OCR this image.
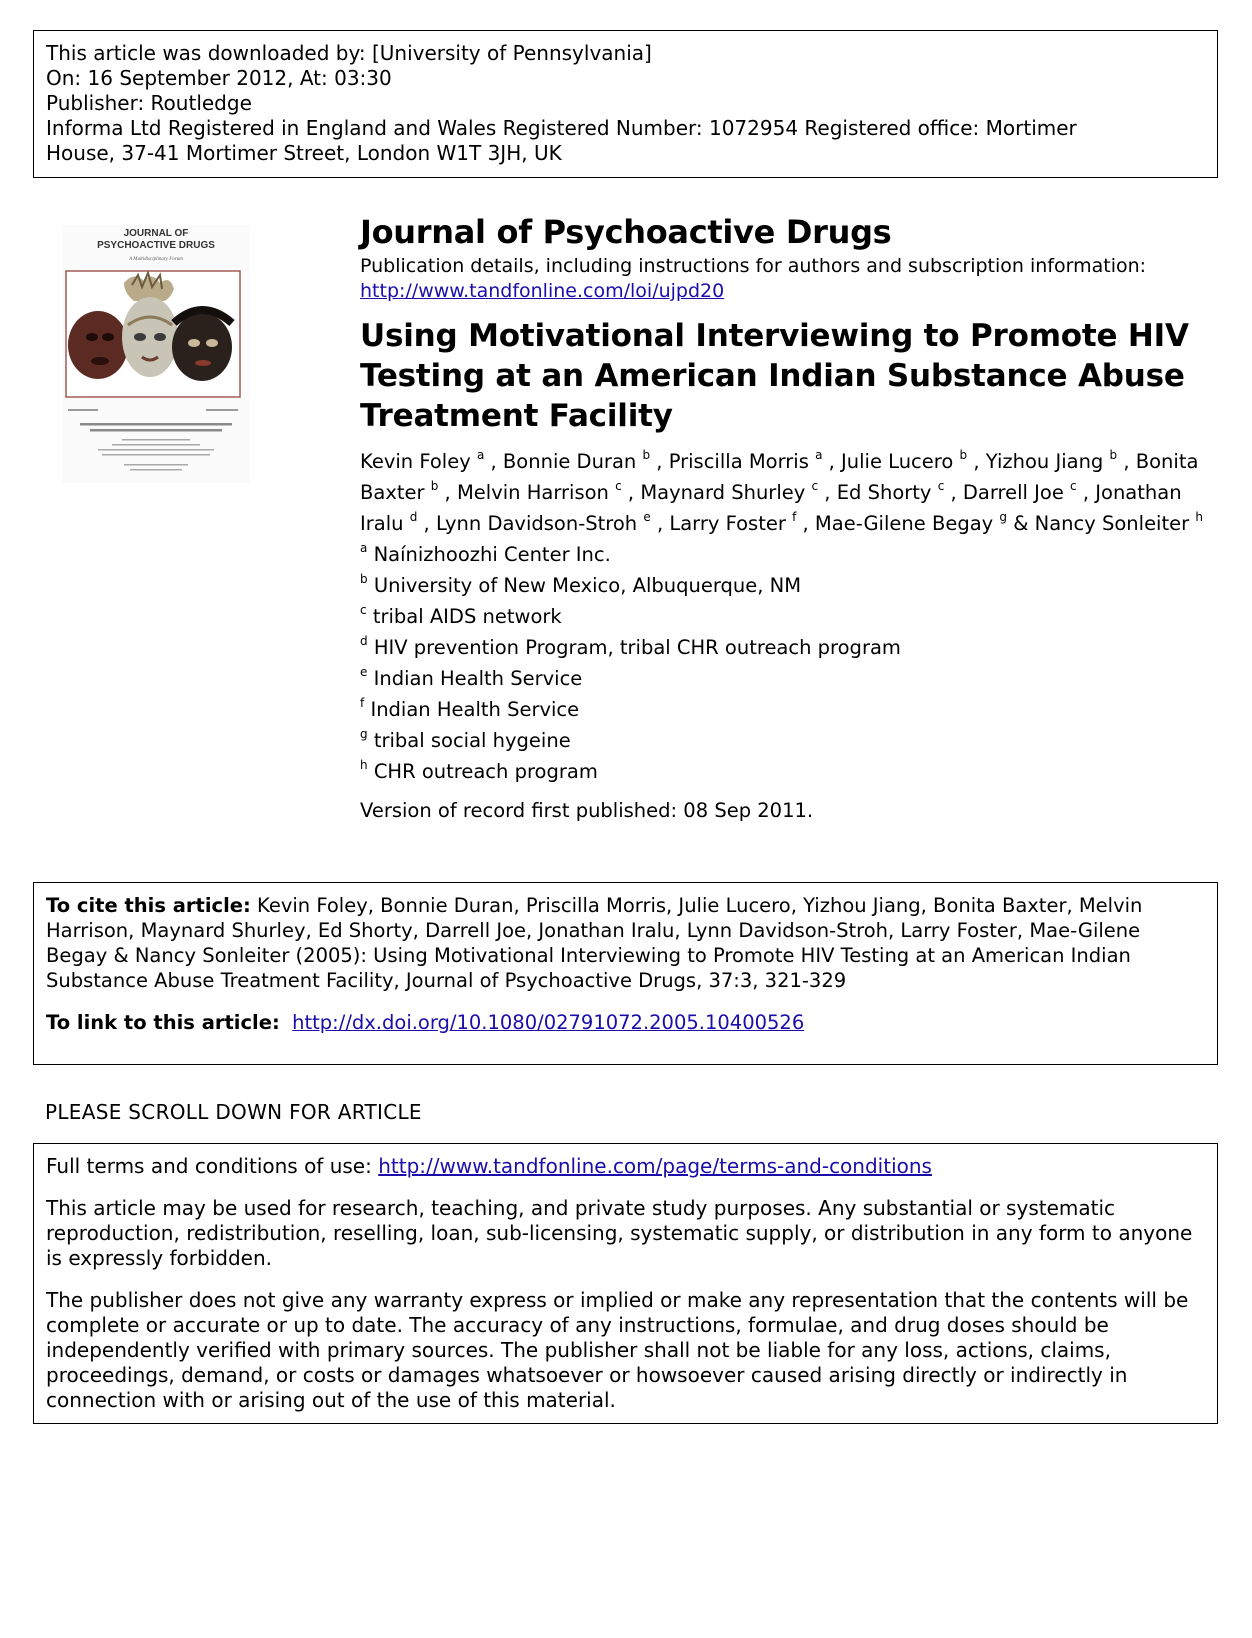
This article was downloaded by: [University of Pennsylvania]
On: 16 September 2012, At: 03:30
Publisher: Routledge
Informa Ltd Registered in England and Wales Registered Number: 1072954 Registered office: Mortimer
House, 37-41 Mortimer Street, London W1T 3JH, UK
JOURNAL OF
PSYCHOACTIVE DRUGS
A Multidisciplinary Forum
Journal of Psychoactive Drugs
Publication details, including instructions for authors and subscription information:
http://www.tandfonline.com/loi/ujpd20
Using Motivational Interviewing to Promote HIV Testing at an American Indian Substance Abuse Treatment Facility
Kevin Foley $^a$ , Bonnie Duran $^b$ , Priscilla Morris $^a$ , Julie Lucero $^b$ , Yizhou Jiang $^b$ , Bonita Baxter $^b$ , Melvin Harrison $^c$ , Maynard Shurley $^c$ , Ed Shorty $^c$ , Darrell Joe $^c$ , Jonathan Iralu $^d$ , Lynn Davidson-Stroh $^e$ , Larry Foster $^f$ , Mae-Gilene Begay $^g$ & Nancy Sonleiter $^h$
$^a$ Naínizhoozhi Center Inc.
$^b$ University of New Mexico, Albuquerque, NM
$^c$ tribal AIDS network
$^d$ HIV prevention Program, tribal CHR outreach program
$^e$ Indian Health Service
$^f$ Indian Health Service
$^g$ tribal social hygeine
$^h$ CHR outreach program
Version of record first published: 08 Sep 2011.
To cite this article: Kevin Foley, Bonnie Duran, Priscilla Morris, Julie Lucero, Yizhou Jiang, Bonita Baxter, Melvin Harrison, Maynard Shurley, Ed Shorty, Darrell Joe, Jonathan Iralu, Lynn Davidson-Stroh, Larry Foster, Mae-Gilene Begay & Nancy Sonleiter (2005): Using Motivational Interviewing to Promote HIV Testing at an American Indian Substance Abuse Treatment Facility, Journal of Psychoactive Drugs, 37:3, 321-329
To link to this article: http://dx.doi.org/10.1080/02791072.2005.10400526
PLEASE SCROLL DOWN FOR ARTICLE

Full terms and conditions of use: http://www.tandfonline.com/page/terms-and-conditions

This article may be used for research, teaching, and private study purposes. Any substantial or systematic reproduction, redistribution, reselling, loan, sub-licensing, systematic supply, or distribution in any form to anyone is expressly forbidden.

The publisher does not give any warranty express or implied or make any representation that the contents will be complete or accurate or up to date. The accuracy of any instructions, formulae, and drug doses should be independently verified with primary sources. The publisher shall not be liable for any loss, actions, claims, proceedings, demand, or costs or damages whatsoever or howsoever caused arising directly or indirectly in connection with or arising out of the use of this material.
